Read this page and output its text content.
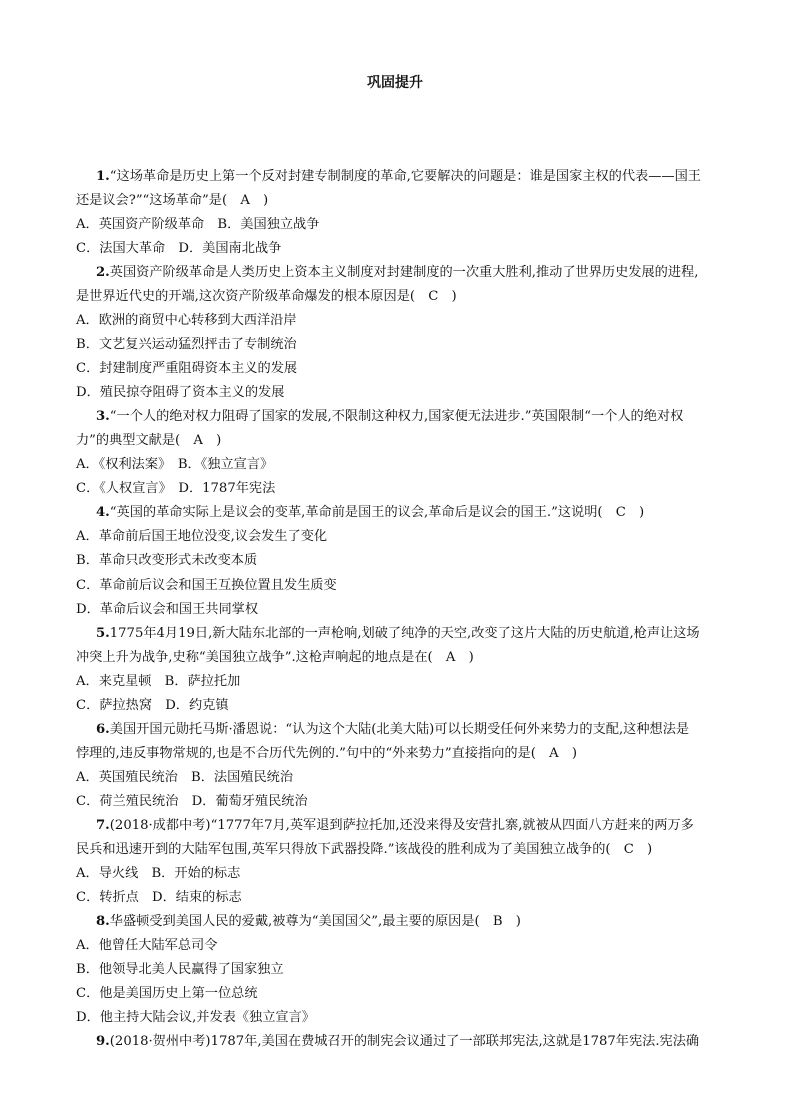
巩固提升
1.“这场革命是历史上第一个反对封建专制制度的革命,它要解决的问题是：谁是国家主权的代表——国王
还是议会?”“这场革命”是(　A　)
A．英国资产阶级革命　B．美国独立战争
C．法国大革命　D．美国南北战争
2.英国资产阶级革命是人类历史上资本主义制度对封建制度的一次重大胜利,推动了世界历史发展的进程,
是世界近代史的开端,这次资产阶级革命爆发的根本原因是(　C　)
A．欧洲的商贸中心转移到大西洋沿岸
B．文艺复兴运动猛烈抨击了专制统治
C．封建制度严重阻碍资本主义的发展
D．殖民掠夺阻碍了资本主义的发展
3.“一个人的绝对权力阻碍了国家的发展,不限制这种权力,国家便无法进步.”英国限制“一个人的绝对权
力”的典型文献是(　A　)
A．《权利法案》　B．《独立宣言》
C．《人权宣言》　D．1787年宪法
4.“英国的革命实际上是议会的变革,革命前是国王的议会,革命后是议会的国王.”这说明(　C　)
A．革命前后国王地位没变,议会发生了变化
B．革命只改变形式未改变本质
C．革命前后议会和国王互换位置且发生质变
D．革命后议会和国王共同掌权
5.1775年4月19日,新大陆东北部的一声枪响,划破了纯净的天空,改变了这片大陆的历史航道,枪声让这场
冲突上升为战争,史称“美国独立战争”.这枪声响起的地点是在(　A　)
A．来克星顿　B．萨拉托加
C．萨拉热窝　D．约克镇
6.美国开国元勋托马斯·潘恩说：“认为这个大陆(北美大陆)可以长期受任何外来势力的支配,这种想法是
悖理的,违反事物常规的,也是不合历代先例的.”句中的“外来势力”直接指向的是(　A　)
A．英国殖民统治　B．法国殖民统治
C．荷兰殖民统治　D．葡萄牙殖民统治
7.(2018·成都中考)“1777年7月,英军退到萨拉托加,还没来得及安营扎寨,就被从四面八方赶来的两万多
民兵和迅速开到的大陆军包围,英军只得放下武器投降.”该战役的胜利成为了美国独立战争的(　C　)
A．导火线　B．开始的标志
C．转折点　D．结束的标志
8.华盛顿受到美国人民的爱戴,被尊为“美国国父”,最主要的原因是(　B　)
A．他曾任大陆军总司令
B．他领导北美人民赢得了国家独立
C．他是美国历史上第一位总统
D．他主持大陆会议,并发表《独立宣言》
9.(2018·贺州中考)1787年,美国在费城召开的制宪会议通过了一部联邦宪法,这就是1787年宪法.宪法确
